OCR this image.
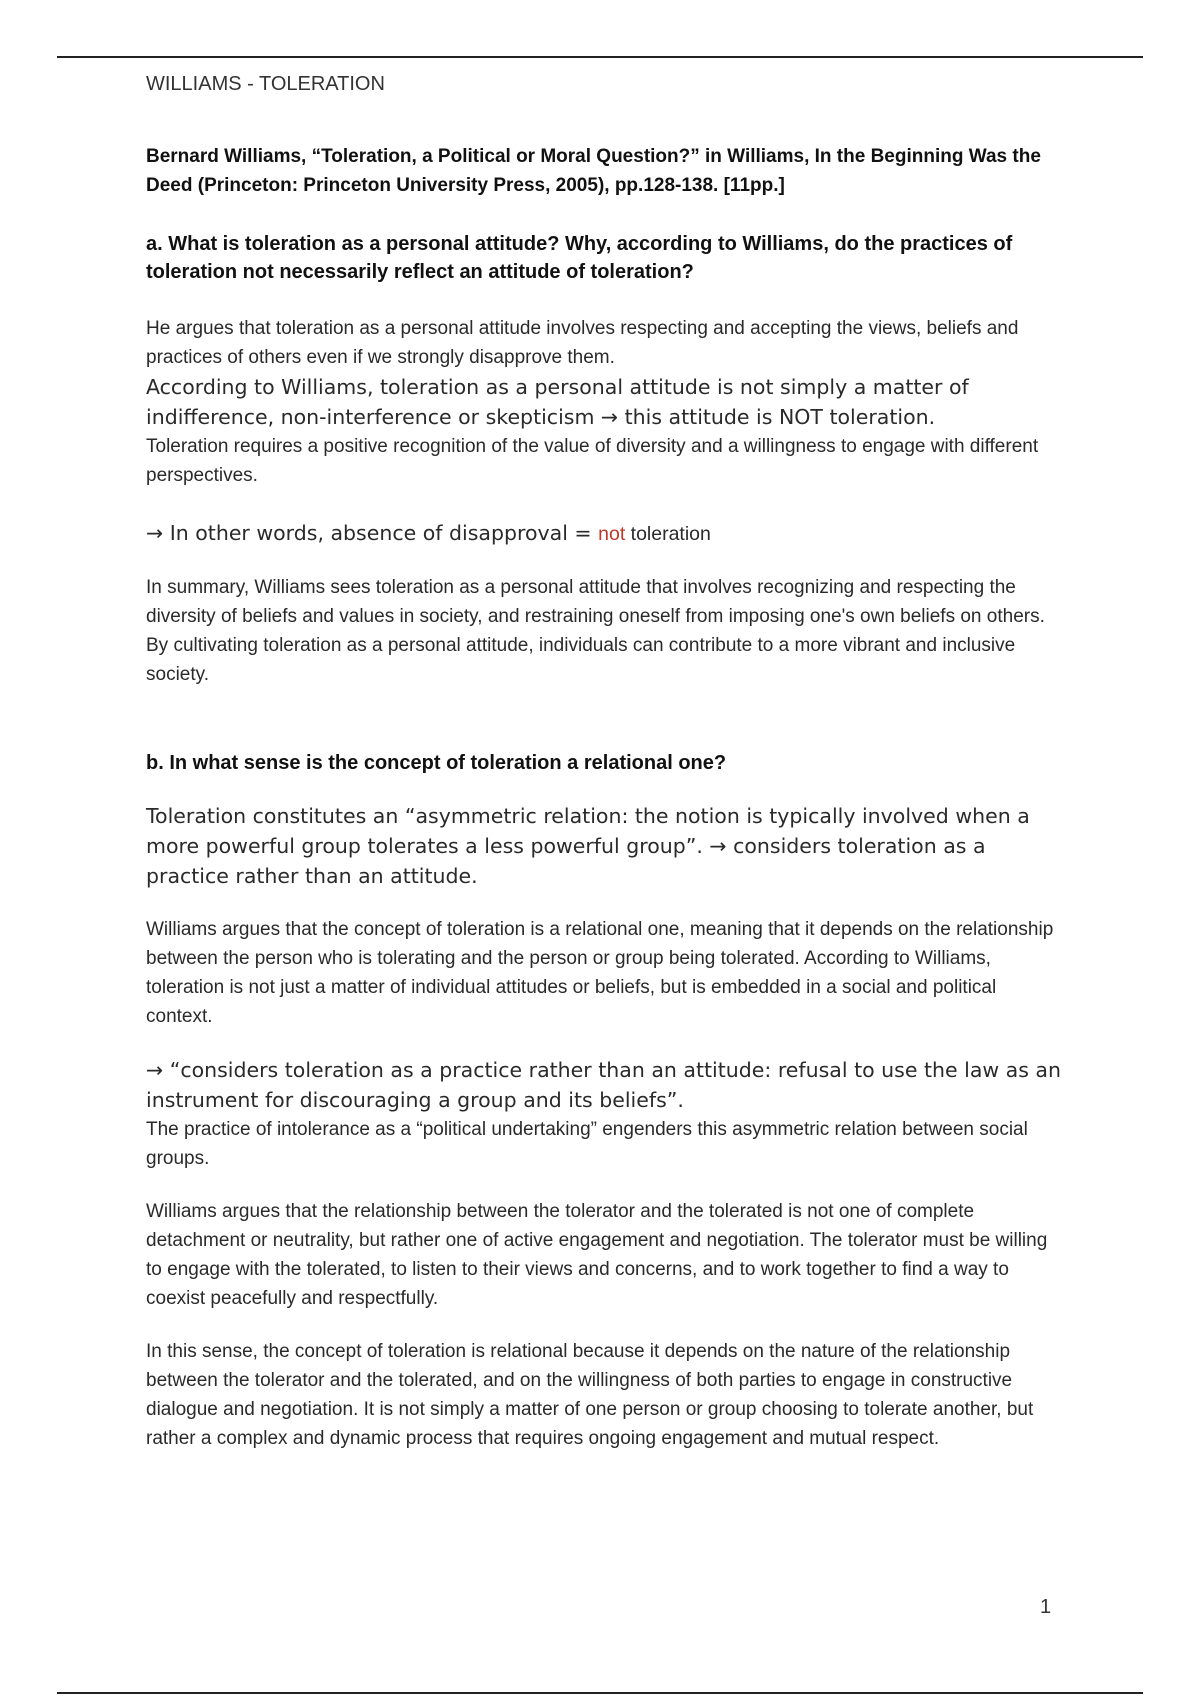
WILLIAMS - TOLERATION

Bernard Williams, “Toleration, a Political or Moral Question?” in Williams, In the Beginning Was the Deed (Princeton: Princeton University Press, 2005), pp.128-138. [11pp.]

a. What is toleration as a personal attitude? Why, according to Williams, do the practices of toleration not necessarily reflect an attitude of toleration?

He argues that toleration as a personal attitude involves respecting and accepting the views, beliefs and practices of others even if we strongly disapprove them.

According to Williams, toleration as a personal attitude is not simply a matter of indifference, non-interference or skepticism → this attitude is NOT toleration.

Toleration requires a positive recognition of the value of diversity and a willingness to engage with different perspectives.

→ In other words, absence of disapproval = not toleration

In summary, Williams sees toleration as a personal attitude that involves recognizing and respecting the diversity of beliefs and values in society, and restraining oneself from imposing one's own beliefs on others. By cultivating toleration as a personal attitude, individuals can contribute to a more vibrant and inclusive society.

b. In what sense is the concept of toleration a relational one?

Toleration constitutes an “asymmetric relation: the notion is typically involved when a more powerful group tolerates a less powerful group”. → considers toleration as a practice rather than an attitude.

Williams argues that the concept of toleration is a relational one, meaning that it depends on the relationship between the person who is tolerating and the person or group being tolerated. According to Williams, toleration is not just a matter of individual attitudes or beliefs, but is embedded in a social and political context.

→ “considers toleration as a practice rather than an attitude: refusal to use the law as an instrument for discouraging a group and its beliefs”.

The practice of intolerance as a “political undertaking” engenders this asymmetric relation between social groups.

Williams argues that the relationship between the tolerator and the tolerated is not one of complete detachment or neutrality, but rather one of active engagement and negotiation. The tolerator must be willing to engage with the tolerated, to listen to their views and concerns, and to work together to find a way to coexist peacefully and respectfully.

In this sense, the concept of toleration is relational because it depends on the nature of the relationship between the tolerator and the tolerated, and on the willingness of both parties to engage in constructive dialogue and negotiation. It is not simply a matter of one person or group choosing to tolerate another, but rather a complex and dynamic process that requires ongoing engagement and mutual respect.

1
